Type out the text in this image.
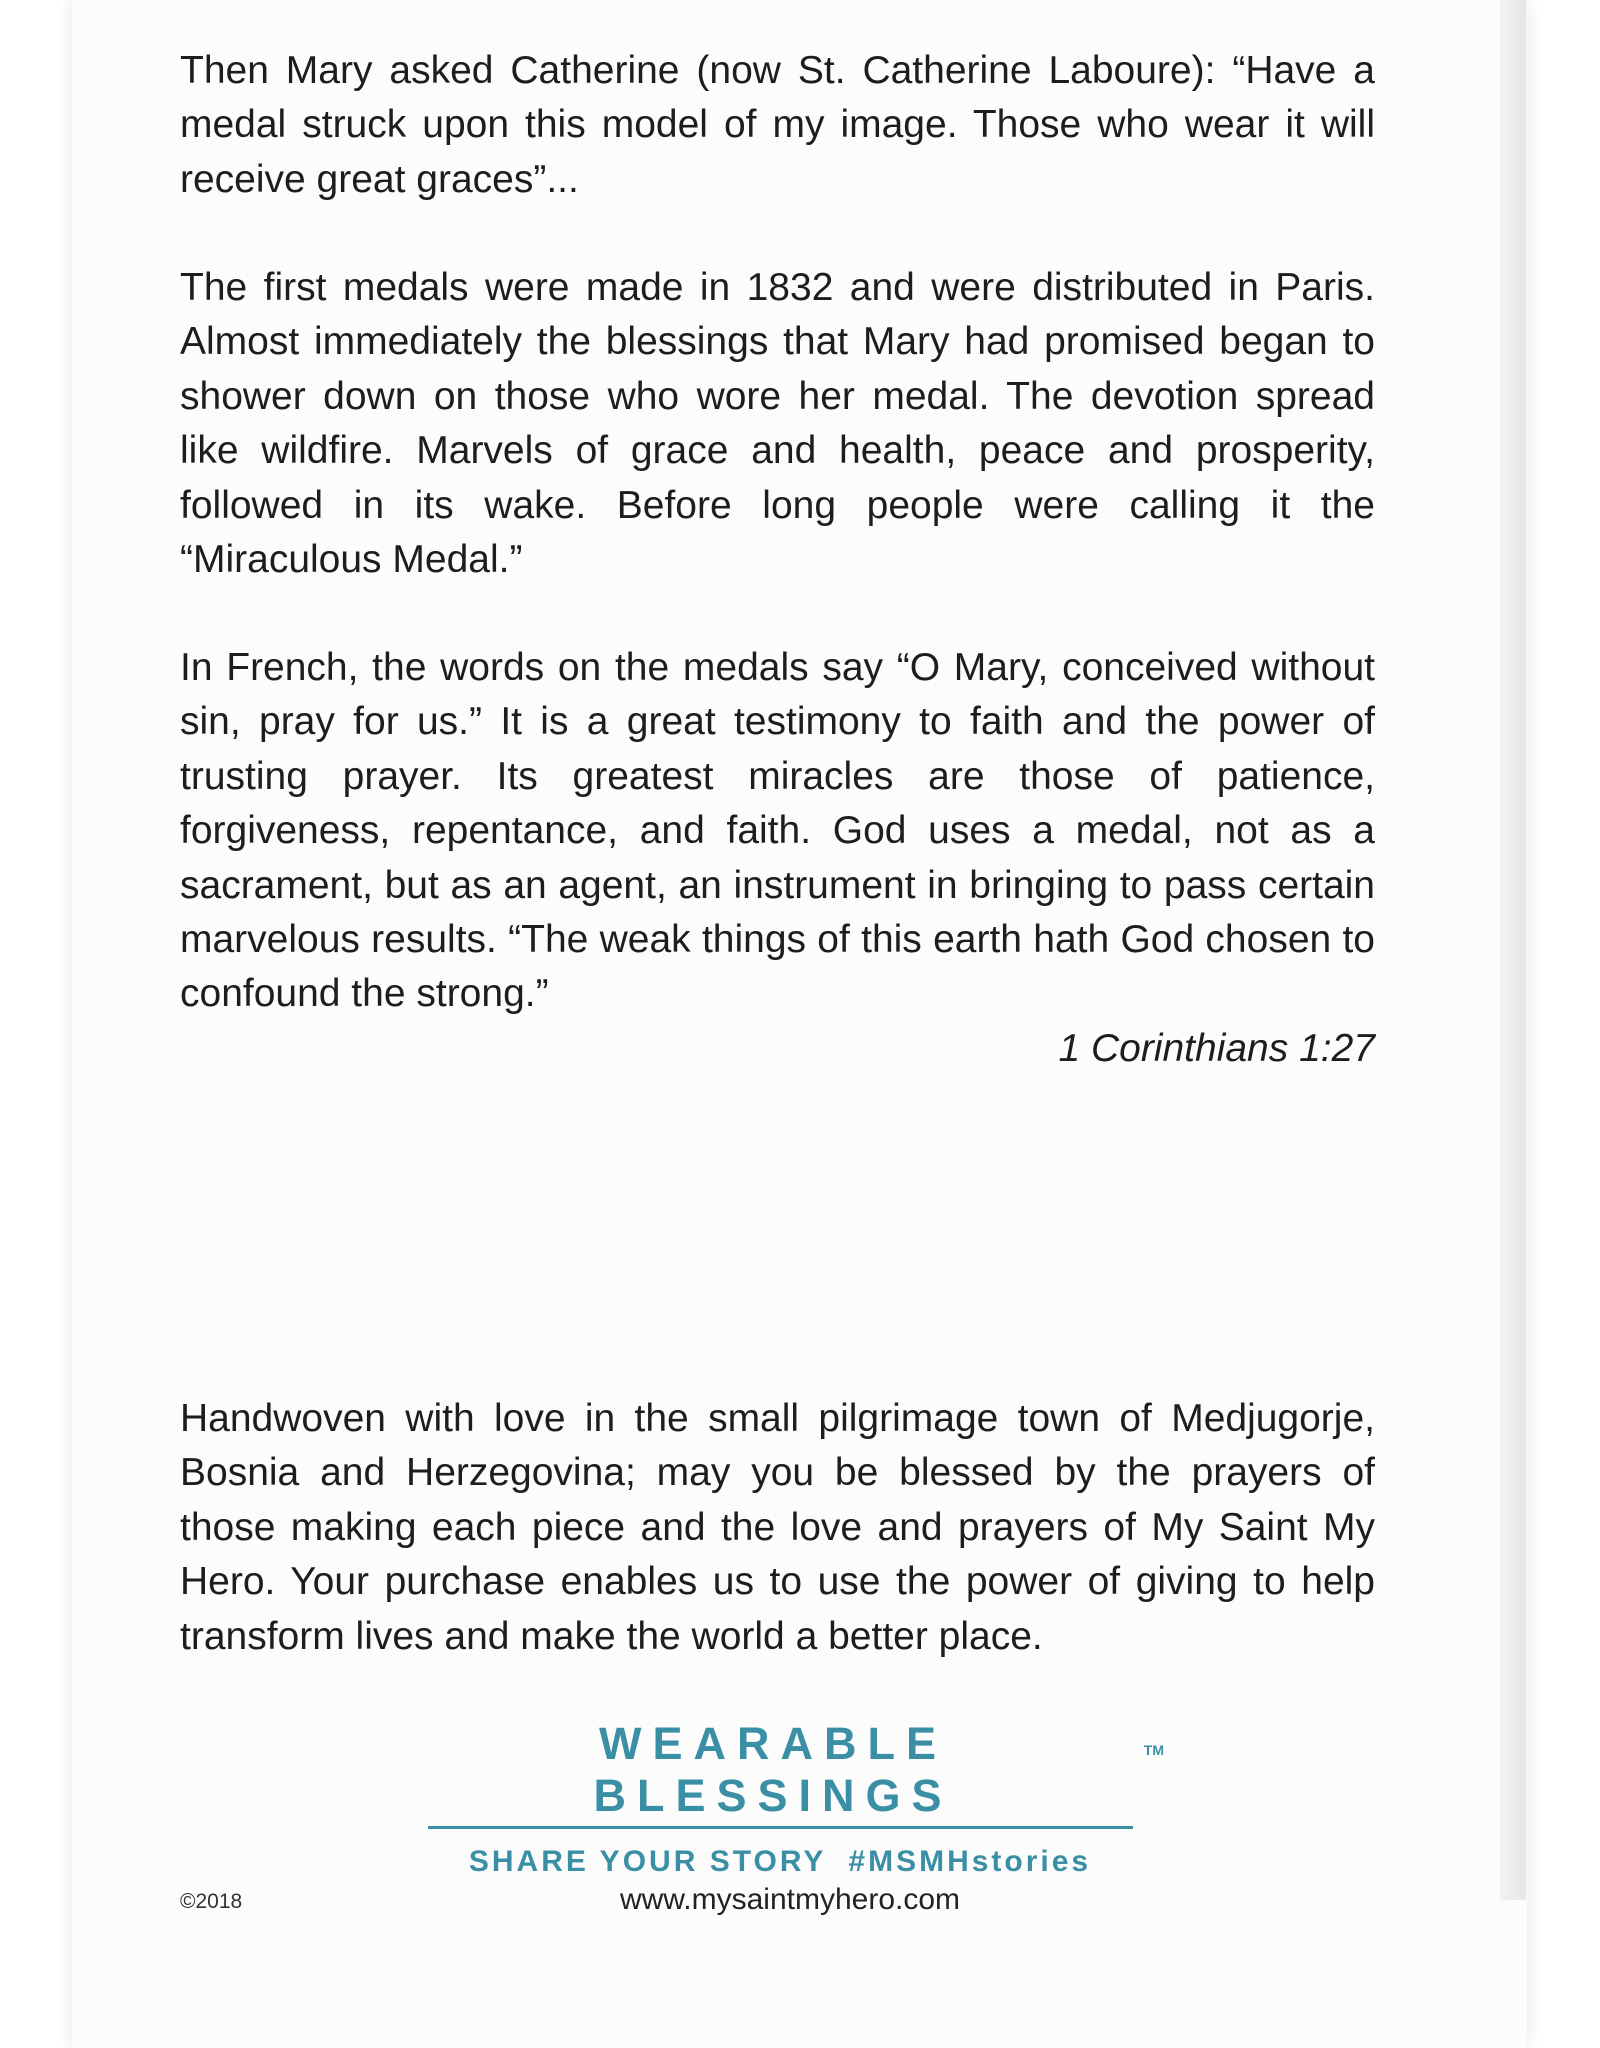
Then Mary asked Catherine (now St. Catherine Laboure): “Have a medal struck upon this model of my image. Those who wear it will receive great graces”...

The first medals were made in 1832 and were distributed in Paris. Almost immediately the blessings that Mary had promised began to shower down on those who wore her medal. The devotion spread like wildfire. Marvels of grace and health, peace and prosperity, followed in its wake. Before long people were calling it the “Miraculous Medal.”

In French, the words on the medals say “O Mary, conceived without sin, pray for us.” It is a great testimony to faith and the power of trusting prayer. Its greatest miracles are those of patience, forgiveness, repentance, and faith. God uses a medal, not as a sacrament, but as an agent, an instrument in bringing to pass certain marvelous results. “The weak things of this earth hath God chosen to confound the strong.”

1 Corinthians 1:27

Handwoven with love in the small pilgrimage town of Medjugorje, Bosnia and Herzegovina; may you be blessed by the prayers of those making each piece and the love and prayers of My Saint My Hero. Your purchase enables us to use the power of giving to help transform lives and make the world a better place.

WEARABLE BLESSINGS
TM
SHARE YOUR STORY #MSMHstories
©2018	www.mysaintmyhero.com
